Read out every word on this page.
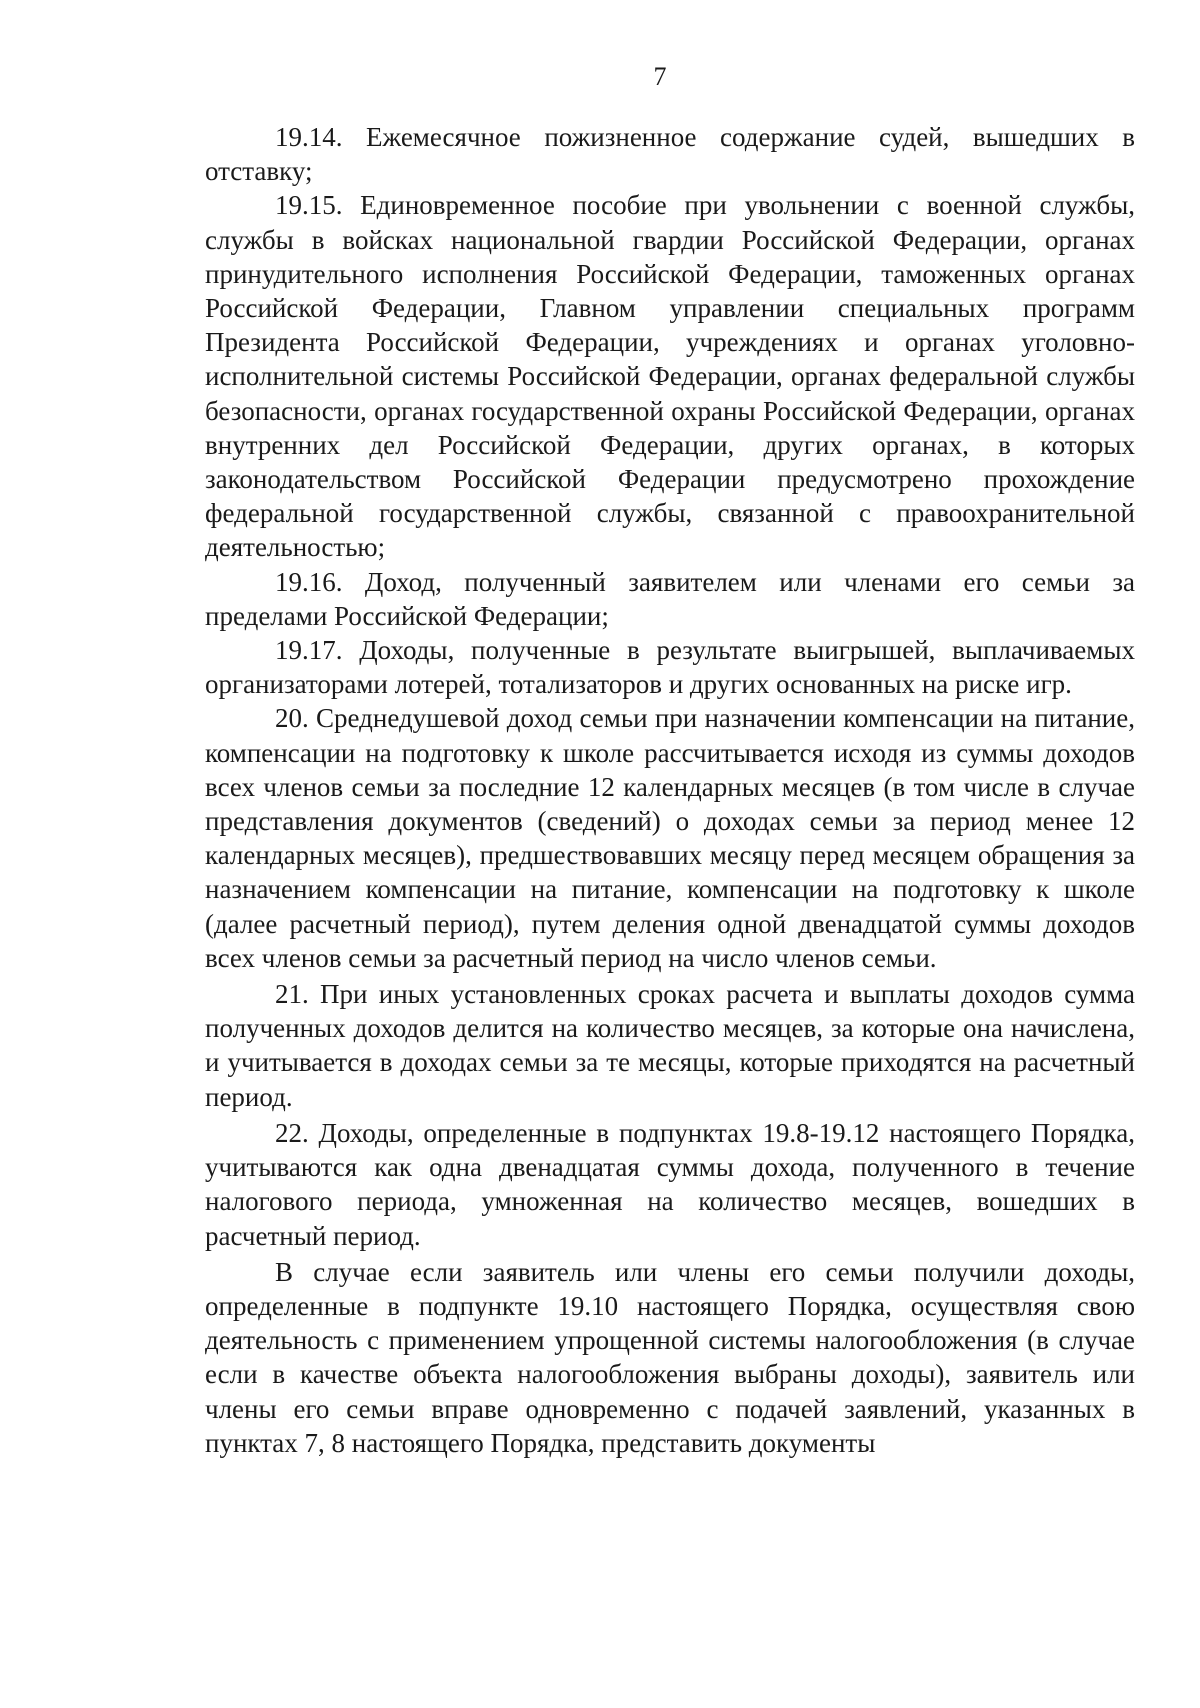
7

19.14. Ежемесячное пожизненное содержание судей, вышедших в отставку;

19.15. Единовременное пособие при увольнении с военной службы, службы в войсках национальной гвардии Российской Федерации, органах принудительного исполнения Российской Федерации, таможенных органах Российской Федерации, Главном управлении специальных программ Президента Российской Федерации, учреждениях и органах уголовно-исполнительной системы Российской Федерации, органах федеральной службы безопасности, органах государственной охраны Российской Федерации, органах внутренних дел Российской Федерации, других органах, в которых законодательством Российской Федерации предусмотрено прохождение федеральной государственной службы, связанной с правоохранительной деятельностью;

19.16. Доход, полученный заявителем или членами его семьи за пределами Российской Федерации;

19.17. Доходы, полученные в результате выигрышей, выплачиваемых организаторами лотерей, тотализаторов и других основанных на риске игр.

20. Среднедушевой доход семьи при назначении компенсации на питание, компенсации на подготовку к школе рассчитывается исходя из суммы доходов всех членов семьи за последние 12 календарных месяцев (в том числе в случае представления документов (сведений) о доходах семьи за период менее 12 календарных месяцев), предшествовавших месяцу перед месяцем обращения за назначением компенсации на питание, компенсации на подготовку к школе (далее расчетный период), путем деления одной двенадцатой суммы доходов всех членов семьи за расчетный период на число членов семьи.

21. При иных установленных сроках расчета и выплаты доходов сумма полученных доходов делится на количество месяцев, за которые она начислена, и учитывается в доходах семьи за те месяцы, которые приходятся на расчетный период.

22. Доходы, определенные в подпунктах 19.8-19.12 настоящего Порядка, учитываются как одна двенадцатая суммы дохода, полученного в течение налогового периода, умноженная на количество месяцев, вошедших в расчетный период.

В случае если заявитель или члены его семьи получили доходы, определенные в подпункте 19.10 настоящего Порядка, осуществляя свою деятельность с применением упрощенной системы налогообложения (в случае если в качестве объекта налогообложения выбраны доходы), заявитель или члены его семьи вправе одновременно с подачей заявлений, указанных в пунктах 7, 8 настоящего Порядка, представить документы
